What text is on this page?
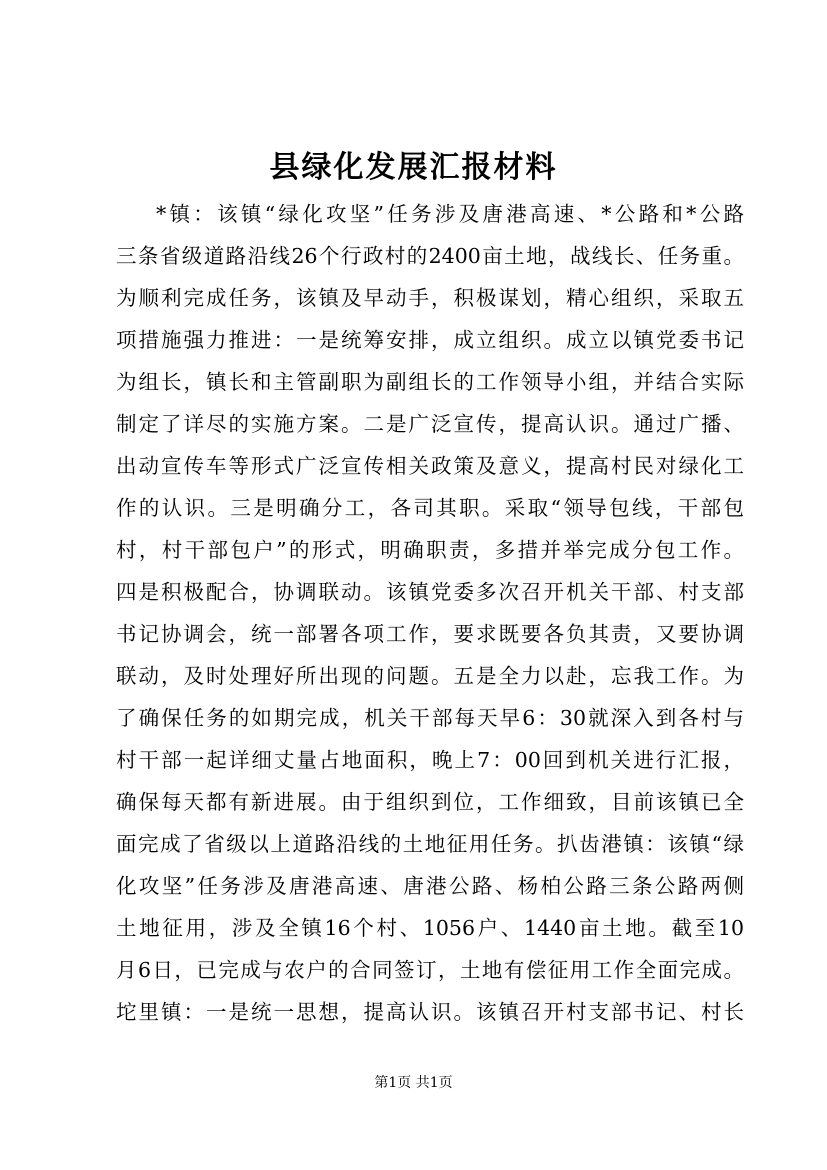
县绿化发展汇报材料
*镇：该镇“绿化攻坚”任务涉及唐港高速、*公路和*公路
三条省级道路沿线26个行政村的2400亩土地，战线长、任务重。
为顺利完成任务，该镇及早动手，积极谋划，精心组织，采取五
项措施强力推进：一是统筹安排，成立组织。成立以镇党委书记
为组长，镇长和主管副职为副组长的工作领导小组，并结合实际
制定了详尽的实施方案。二是广泛宣传，提高认识。通过广播、
出动宣传车等形式广泛宣传相关政策及意义，提高村民对绿化工
作的认识。三是明确分工，各司其职。采取“领导包线，干部包
村，村干部包户”的形式，明确职责，多措并举完成分包工作。
四是积极配合，协调联动。该镇党委多次召开机关干部、村支部
书记协调会，统一部署各项工作，要求既要各负其责，又要协调
联动，及时处理好所出现的问题。五是全力以赴，忘我工作。为
了确保任务的如期完成，机关干部每天早6：30就深入到各村与
村干部一起详细丈量占地面积，晚上7：00回到机关进行汇报，
确保每天都有新进展。由于组织到位，工作细致，目前该镇已全
面完成了省级以上道路沿线的土地征用任务。扒齿港镇：该镇“绿
化攻坚”任务涉及唐港高速、唐港公路、杨柏公路三条公路两侧
土地征用，涉及全镇16个村、1056户、1440亩土地。截至10
月6日，已完成与农户的合同签订，土地有偿征用工作全面完成。
坨里镇：一是统一思想，提高认识。该镇召开村支部书记、村长
第1页 共1页
